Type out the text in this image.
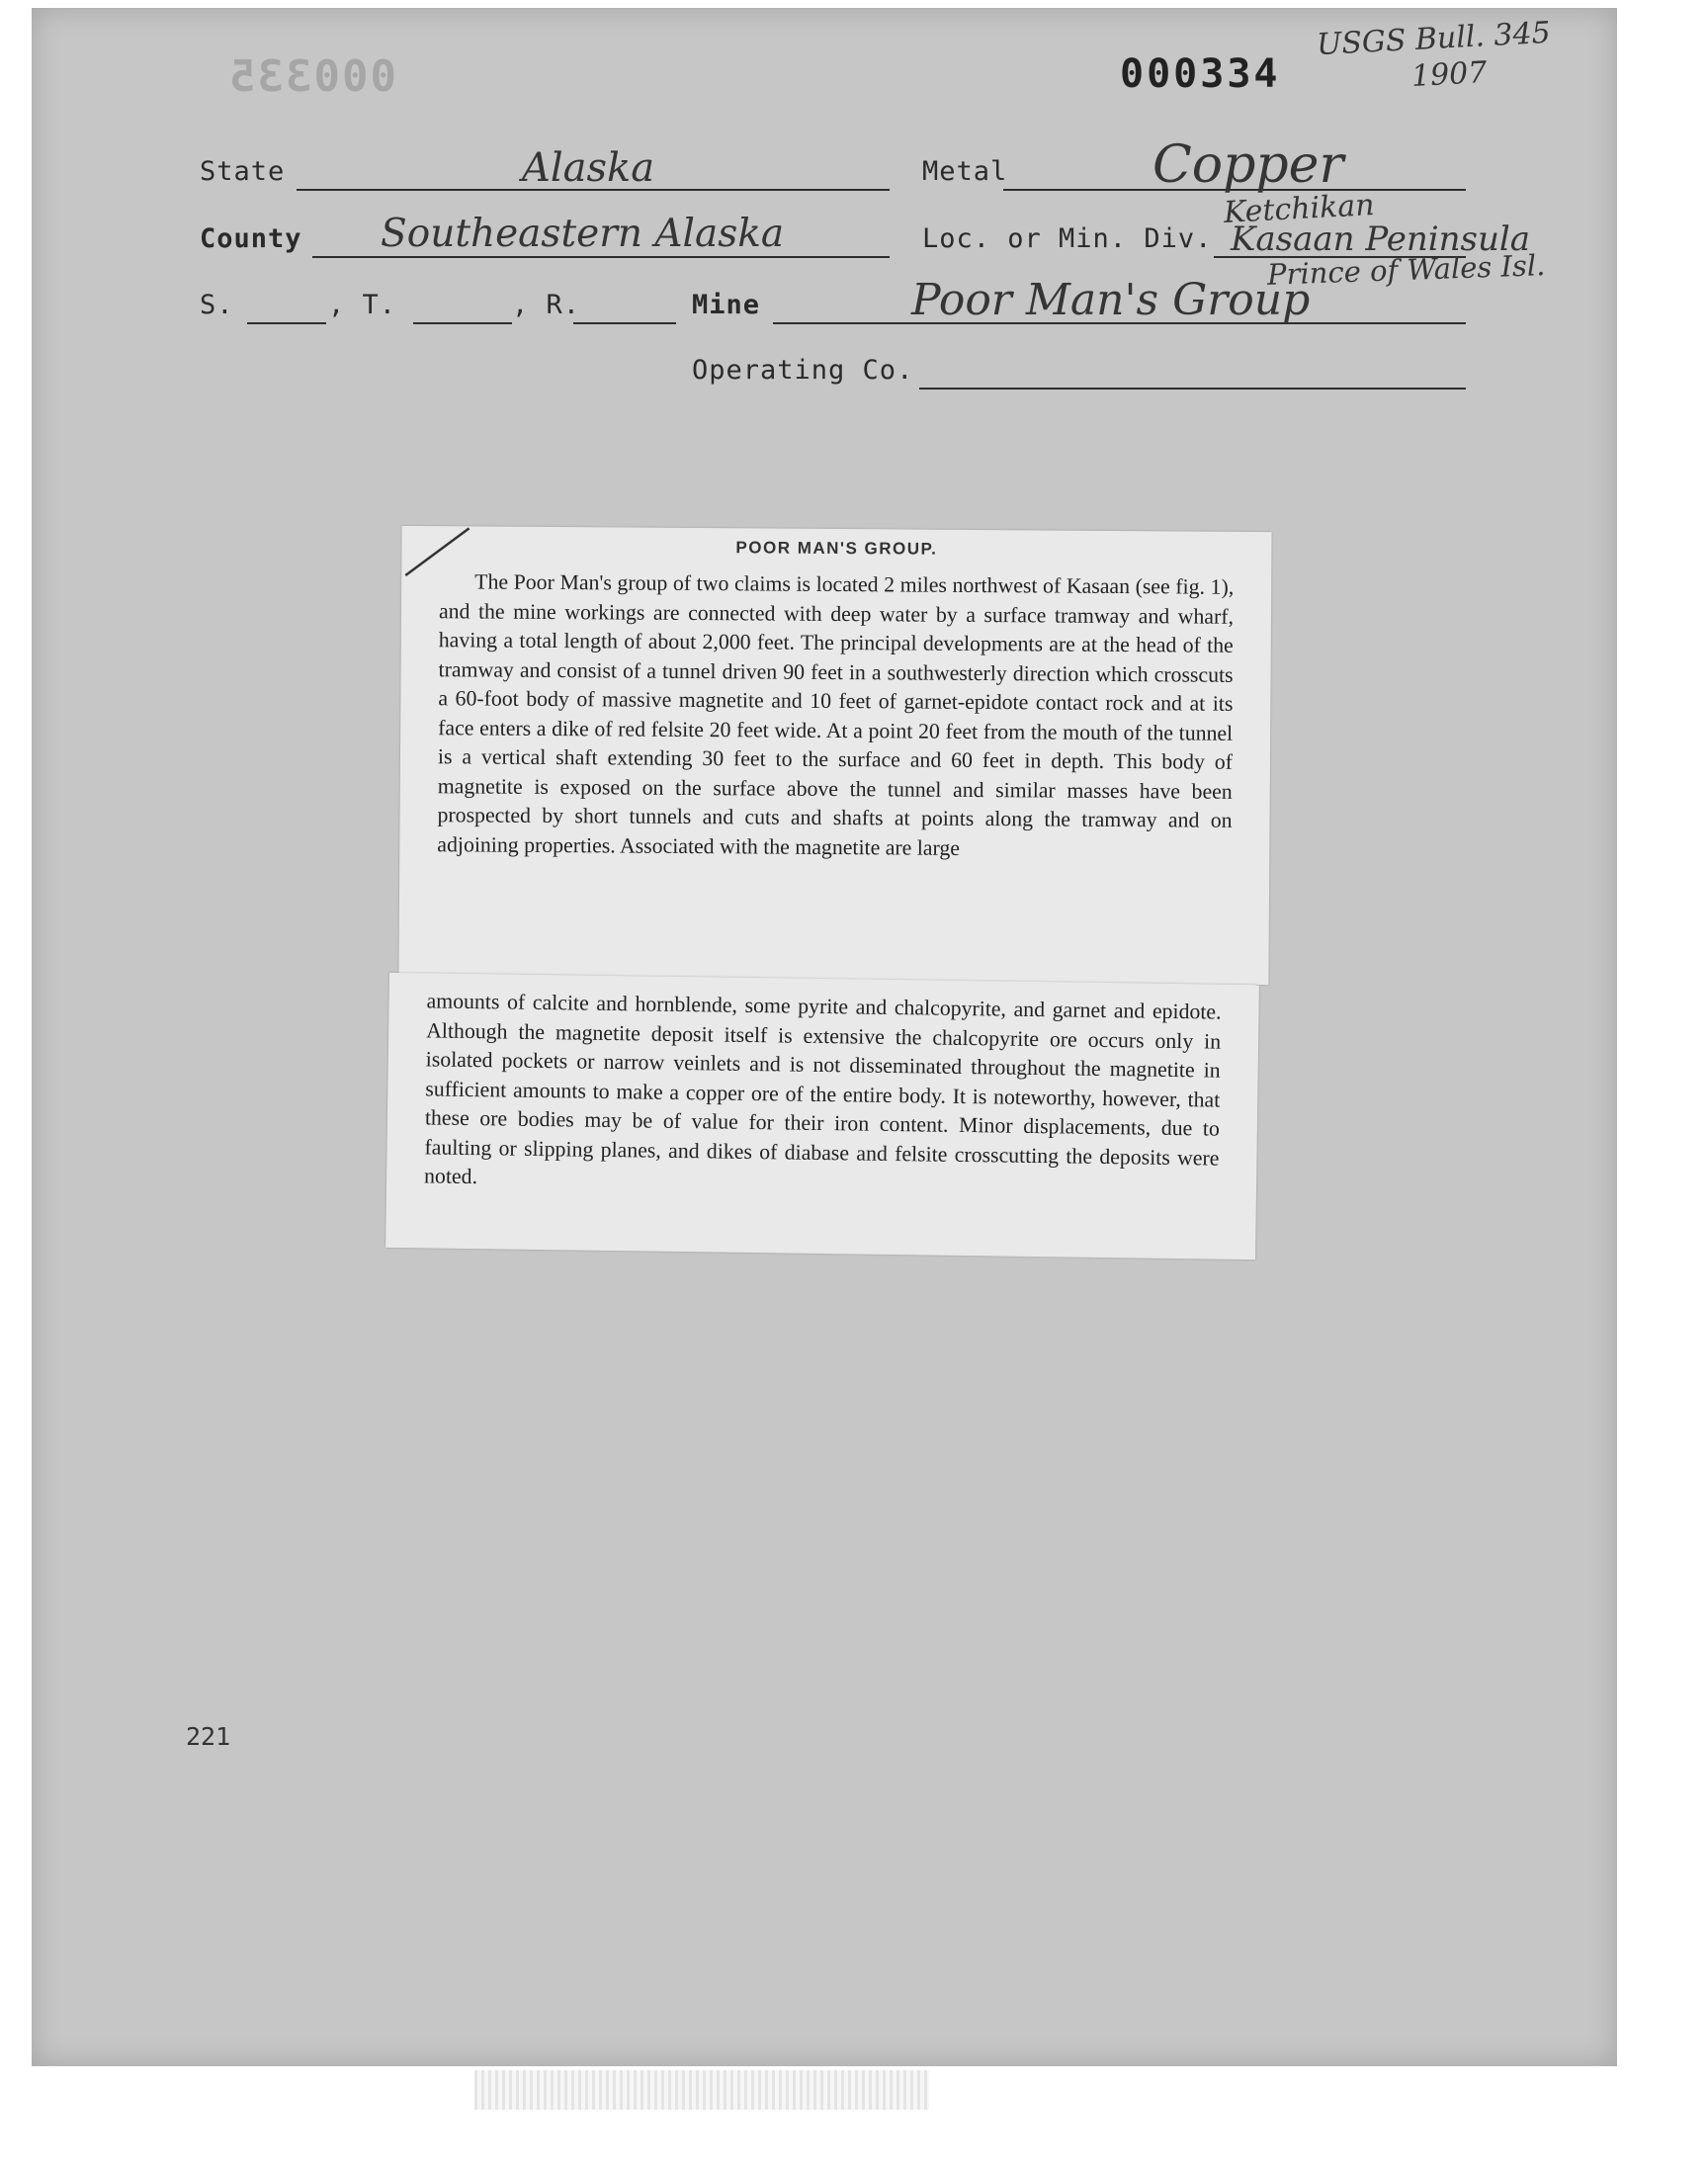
000335	000334
USGS Bull. 345
1907
State	Alaska	Metal	Copper
County Southeastern Alaska	Loc. or Min. Div.
Ketchikan
Kasaan Peninsula
Prince of Wales Isl.
S.	, T.	, R.	Mine	Poor Man's Group
Operating Co.
POOR MAN'S GROUP.
The Poor Man's group of two claims is located 2 miles northwest of Kasaan (see fig. 1), and the mine workings are connected with deep water by a surface tramway and wharf, having a total length of about 2,000 feet. The principal developments are at the head of the tramway and consist of a tunnel driven 90 feet in a southwesterly direction which crosscuts a 60-foot body of massive magnetite and 10 feet of garnet-epidote contact rock and at its face enters a dike of red felsite 20 feet wide. At a point 20 feet from the mouth of the tunnel is a vertical shaft extending 30 feet to the surface and 60 feet in depth. This body of magnetite is exposed on the surface above the tunnel and similar masses have been prospected by short tunnels and cuts and shafts at points along the tramway and on adjoining properties. Associated with the magnetite are large
amounts of calcite and hornblende, some pyrite and chalcopyrite, and garnet and epidote. Although the magnetite deposit itself is extensive the chalcopyrite ore occurs only in isolated pockets or narrow veinlets and is not disseminated throughout the magnetite in sufficient amounts to make a copper ore of the entire body. It is noteworthy, however, that these ore bodies may be of value for their iron content. Minor displacements, due to faulting or slipping planes, and dikes of diabase and felsite crosscutting the deposits were noted.
221
